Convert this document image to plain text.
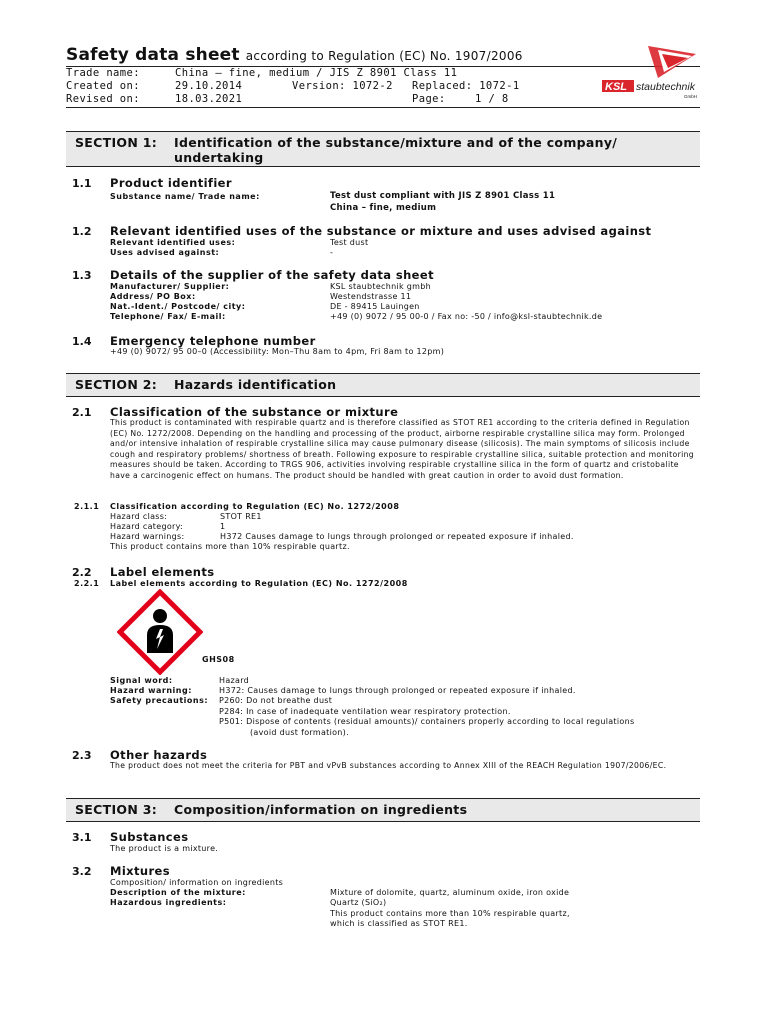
Safety data sheet according to Regulation (EC) No. 1907/2006
Trade name:	China – fine, medium / JIS Z 8901 Class 11
Created on:	29.10.2014	Version: 1072-2 Replaced: 1072-1
Revised on:	18.03.2021	Page:	1 / 8
KSL staubtechnik
GmbH
SECTION 1: Identification of the substance/mixture and of the company/
undertaking
1.1 Product identifier
Substance name/ Trade name:	Test dust compliant with JIS Z 8901 Class 11
China – fine, medium
1.2 Relevant identified uses of the substance or mixture and uses advised against
Relevant identified uses:	Test dust
Uses advised against:	-
1.3 Details of the supplier of the safety data sheet
Manufacturer/ Supplier:	KSL staubtechnik gmbh
Address/ PO Box:	Westendstrasse 11
Nat.-Ident./ Postcode/ city:	DE - 89415 Lauingen
Telephone/ Fax/ E-mail:	+49 (0) 9072 / 95 00-0 / Fax no: -50 / info@ksl-staubtechnik.de
1.4 Emergency telephone number
+49 (0) 9072/ 95 00–0 (Accessibility: Mon–Thu 8am to 4pm, Fri 8am to 12pm)
SECTION 2: Hazards identification
2.1 Classification of the substance or mixture
This product is contaminated with respirable quartz and is therefore classified as STOT RE1 according to the criteria defined in Regulation (EC) No. 1272/2008. Depending on the handling and processing of the product, airborne respirable crystalline silica may form. Prolonged and/or intensive inhalation of respirable crystalline silica may cause pulmonary disease (silicosis). The main symptoms of silicosis include cough and respiratory problems/ shortness of breath. Following exposure to respirable crystalline silica, suitable protection and monitoring measures should be taken. According to TRGS 906, activities involving respirable crystalline silica in the form of quartz and cristobalite have a carcinogenic effect on humans. The product should be handled with great caution in order to avoid dust formation.
2.1.1 Classification according to Regulation (EC) No. 1272/2008
Hazard class:	STOT RE1
Hazard category:	1
Hazard warnings:	H372 Causes damage to lungs through prolonged or repeated exposure if inhaled.
This product contains more than 10% respirable quartz.
2.2 Label elements
2.2.1 Label elements according to Regulation (EC) No. 1272/2008
GHS08
Signal word:	Hazard
Hazard warning:	H372: Causes damage to lungs through prolonged or repeated exposure if inhaled.
Safety precautions: P260: Do not breathe dust
P284: In case of inadequate ventilation wear respiratory protection.
P501: Dispose of contents (residual amounts)/ containers properly according to local regulations
(avoid dust formation).
2.3 Other hazards
The product does not meet the criteria for PBT and vPvB substances according to Annex XIII of the REACH Regulation 1907/2006/EC.
SECTION 3: Composition/information on ingredients
3.1 Substances
The product is a mixture.
3.2 Mixtures
Composition/ information on ingredients
Description of the mixture:	Mixture of dolomite, quartz, aluminum oxide, iron oxide
Hazardous ingredients:	Quartz (SiO₂)
This product contains more than 10% respirable quartz,
which is classified as STOT RE1.
